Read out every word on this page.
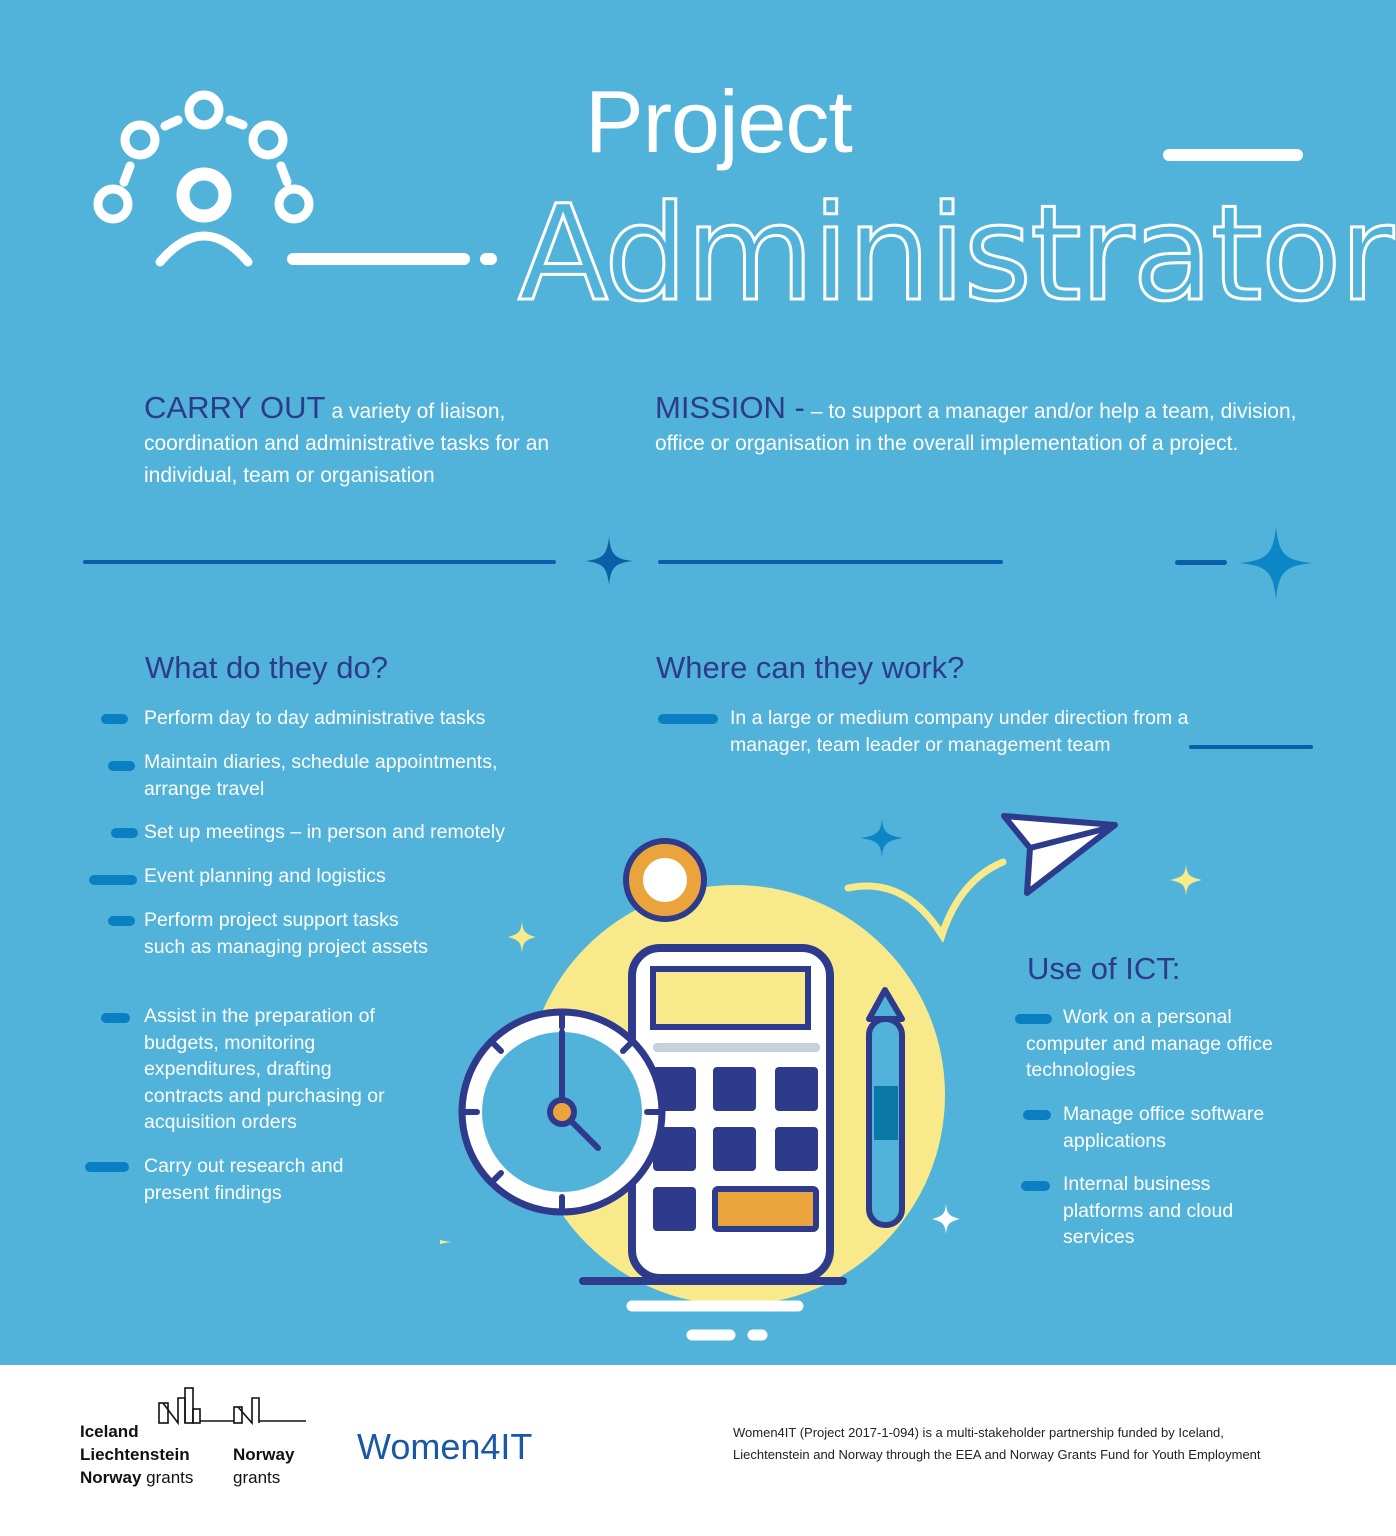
Project
Administrator
CARRY OUT a variety of liaison, coordination and administrative tasks for an individual, team or organisation
MISSION - – to support a manager and/or help a team, division, office or organisation in the overall implementation of a project.
What do they do?
Perform day to day administrative tasks
Maintain diaries, schedule appointments, arrange travel
Set up meetings – in person and remotely
Event planning and logistics
Perform project support tasks such as managing project assets
Assist in the preparation of budgets, monitoring expenditures, drafting contracts and purchasing or acquisition orders
Carry out research and present findings
Where can they work?
In a large or medium company under direction from a manager, team leader or management team
Use of ICT:
Work on a personal computer and manage office technologies
Manage office software applications
Internal business platforms and cloud services
Iceland
Liechtenstein
Norway grants
Norway
grants
Women4IT	Women4IT (Project 2017-1-094) is a multi-stakeholder partnership funded by Iceland,
Liechtenstein and Norway through the EEA and Norway Grants Fund for Youth Employment
